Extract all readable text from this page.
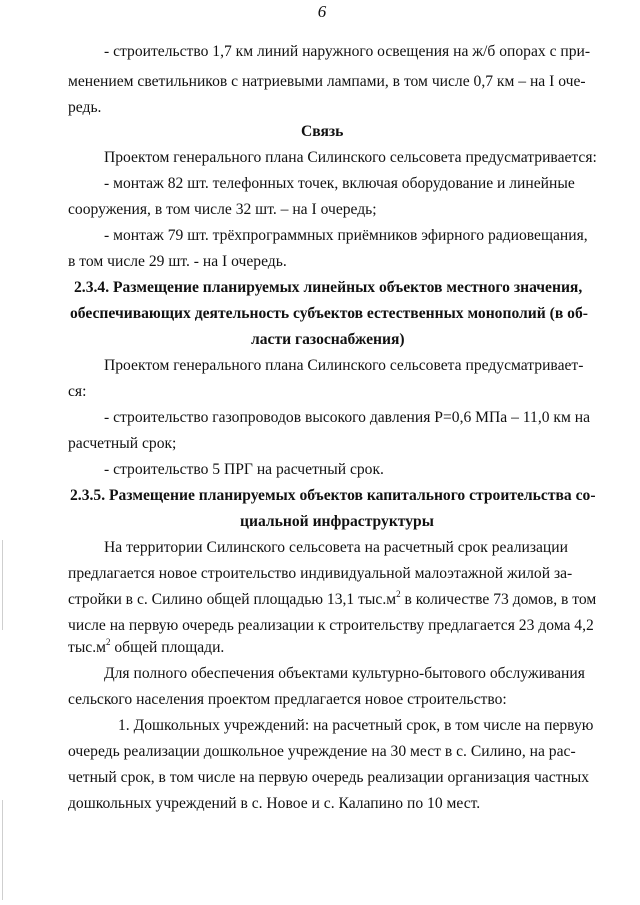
6
- строительство 1,7 км линий наружного освещения на ж/б опорах с при-
менением светильников с натриевыми лампами, в том числе 0,7 км – на I оче-
редь.
Связь
Проектом генерального плана Силинского сельсовета предусматривается:
- монтаж 82 шт. телефонных точек, включая оборудование и линейные
сооружения, в том числе 32 шт. – на I очередь;
- монтаж 79 шт. трёхпрограммных приёмников эфирного радиовещания,
в том числе 29 шт. - на I очередь.
2.3.4. Размещение планируемых линейных объектов местного значения,
обеспечивающих деятельность субъектов естественных монополий (в об-
ласти газоснабжения)
Проектом генерального плана Силинского сельсовета предусматривает-
ся:
- строительство газопроводов высокого давления Р=0,6 МПа – 11,0 км на
расчетный срок;
- строительство 5 ПРГ на расчетный срок.
2.3.5. Размещение планируемых объектов капитального строительства со-
циальной инфраструктуры
На территории Силинского сельсовета на расчетный срок реализации
предлагается новое строительство индивидуальной малоэтажной жилой за-
стройки в с. Силино общей площадью 13,1 $тыс.м^2$ в количестве 73 домов, в том
числе на первую очередь реализации к строительству предлагается 23 дома 4,2
$тыс.м^2$ общей площади.
Для полного обеспечения объектами культурно-бытового обслуживания
сельского населения проектом предлагается новое строительство:
1. Дошкольных учреждений: на расчетный срок, в том числе на первую
очередь реализации дошкольное учреждение на 30 мест в с. Силино, на рас-
четный срок, в том числе на первую очередь реализации организация частных
дошкольных учреждений в с. Новое и с. Калапино по 10 мест.
